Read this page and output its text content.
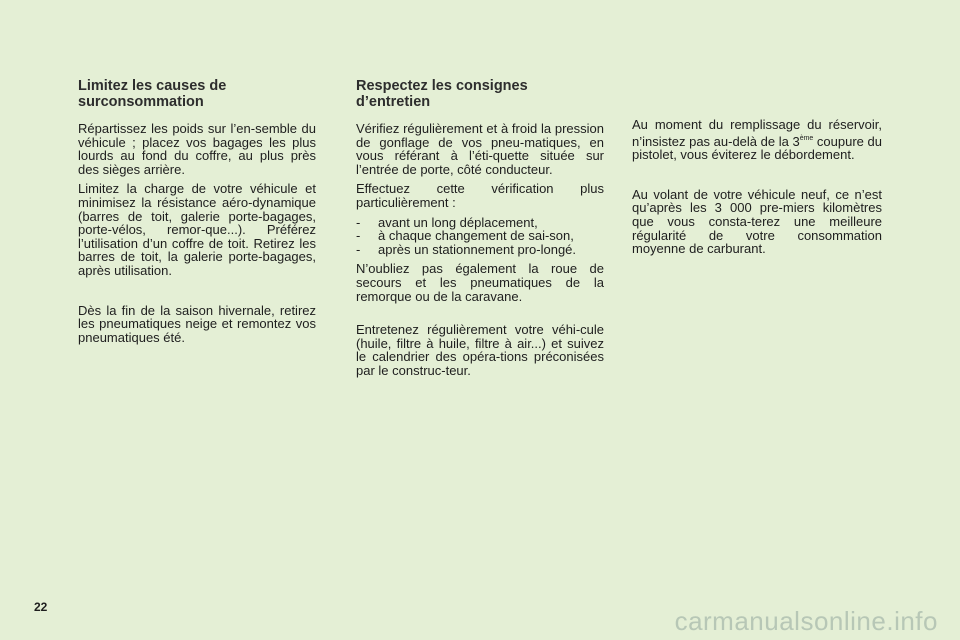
Limitez les causes de surconsommation

Répartissez les poids sur l’en-semble du véhicule ; placez vos bagages les plus lourds au fond du coffre, au plus près des sièges arrière.

Limitez la charge de votre véhicule et minimisez la résistance aéro-dynamique (barres de toit, galerie porte-bagages, porte-vélos, remor-que...). Préférez l’utilisation d’un coffre de toit. Retirez les barres de toit, la galerie porte-bagages, après utilisation.

Dès la fin de la saison hivernale, retirez les pneumatiques neige et remontez vos pneumatiques été.

Respectez les consignes d’entretien

Vérifiez régulièrement et à froid la pression de gonflage de vos pneu-matiques, en vous référant à l’éti-quette située sur l’entrée de porte, côté conducteur.

Effectuez cette vérification plus particulièrement :

- avant un long déplacement,
- à chaque changement de sai-son,
- après un stationnement pro-longé.

N’oubliez pas également la roue de secours et les pneumatiques de la remorque ou de la caravane.

Entretenez régulièrement votre véhi-cule (huile, filtre à huile, filtre à air...) et suivez le calendrier des opéra-tions préconisées par le construc-teur.

Au moment du remplissage du réservoir, n’insistez pas au-delà de la 3ème coupure du pistolet, vous éviterez le débordement.

Au volant de votre véhicule neuf, ce n’est qu’après les 3 000 pre-miers kilomètres que vous consta-terez une meilleure régularité de votre consommation moyenne de carburant.

22	carmanualsonline.info
